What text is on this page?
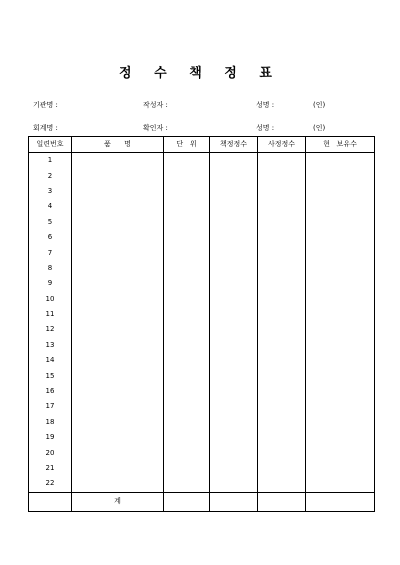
정 수 책 정 표
기관명 :	작성자 :	성명 :	(인)
회계명 :	확인자 :	성명 :	(인)
일련번호	품      명	단   위	책정정수	사정정수	현   보유수
1					
2					
3					
4					
5					
6					
7					
8					
9					
10					
11					
12					
13					
14					
15					
16					
17					
18					
19					
20					
21					
22					
	계				
